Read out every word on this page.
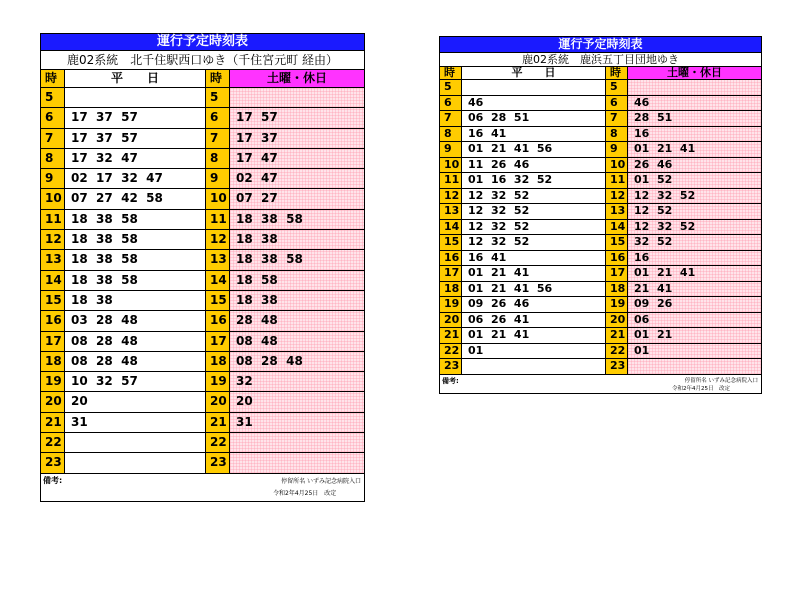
運行予定時刻表
鹿02系統　北千住駅西口ゆき（千住宮元町 経由）
時	平　　日	時	土曜・休日
5	5
6	17  37  57	6	17  57
7	17  37  57	7	17  37
8	17  32  47	8	17  47
9	02  17  32  47	9	02  47
10 07  27  42  58	10 07  27
11 18  38  58	11 18  38  58
12 18  38  58	12 18  38
13 18  38  58	13 18  38  58
14 18  38  58	14 18  58
15 18  38	15 18  38
16 03  28  48	16 28  48
17 08  28  48	17 08  48
18 08  28  48	18 08  28  48
19 10  32  57	19 32
20 20	20 20
21 31	21 31
22	22
23	23
備考:	停留所名 いずみ記念病院入口
令和2年4月25日　改定
運行予定時刻表
鹿02系統　鹿浜五丁目団地ゆき
時	平　　日	時	土曜・休日
5	5
6	46	6	46
7	06  28  51	7	28  51
8	16  41	8	16
9	01  21  41  56	9	01  21  41
10 11  26  46	10 26  46
11 01  16  32  52	11 01  52
12 12  32  52	12 12  32  52
13 12  32  52	13 12  52
14 12  32  52	14 12  32  52
15 12  32  52	15 32  52
16 16  41	16 16
17 01  21  41	17 01  21  41
18 01  21  41  56	18 21  41
19 09  26  46	19 09  26
20 06  26  41	20 06
21 01  21  41	21 01  21
22 01	22 01
23	23
備考:	停留所名 いずみ記念病院入口
令和2年4月25日　改定
